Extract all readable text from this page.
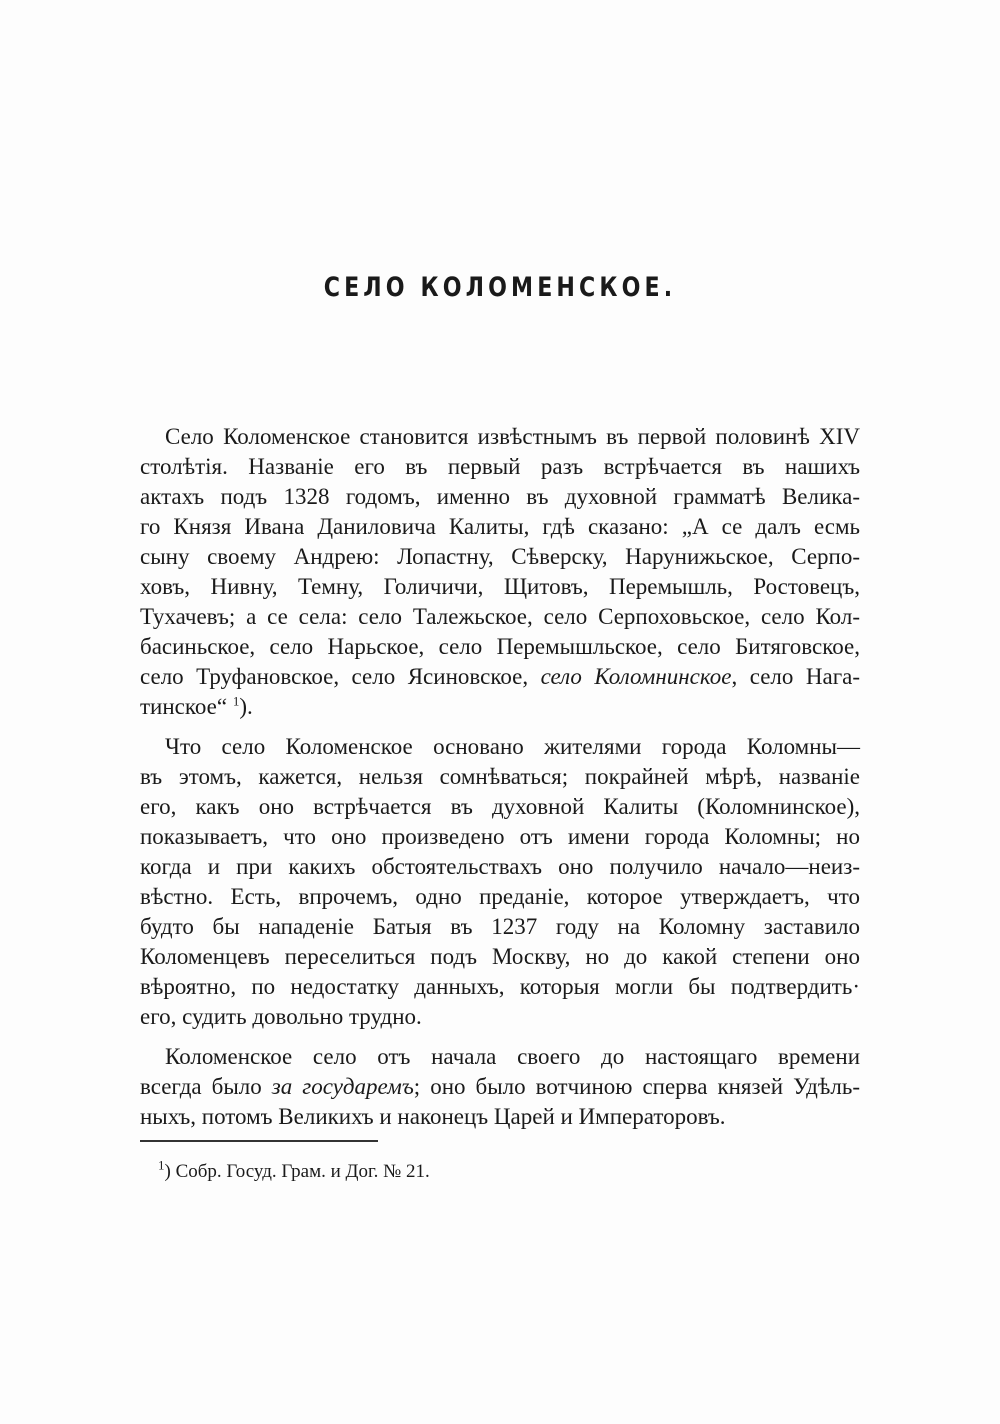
СЕЛО КОЛОМЕНСКОЕ.
Село Коломенское становится извѣстнымъ въ первой половинѣ XIV
столѣтія. Названіе его въ первый разъ встрѣчается въ нашихъ
актахъ подъ 1328 годомъ, именно въ духовной грамматѣ Велика-
го Князя Ивана Даниловича Калиты, гдѣ сказано: „А се далъ есмь
сыну своему Андрею: Лопастну, Сѣверску, Нарунижьское, Серпо-
ховъ, Нивну, Темну, Голичичи, Щитовъ, Перемышль, Ростовецъ,
Тухачевъ; а се села: село Талежьское, село Серпоховьское, село Кол-
басиньское, село Нарьское, село Перемышльское, село Битяговское,
село Труфановское, село Ясиновское, село Коломнинское, село Нага-
тинское“ $^1$).
Что село Коломенское основано жителями города Коломны—
въ этомъ, кажется, нельзя сомнѣваться; покрайней мѣрѣ, названіе
его, какъ оно встрѣчается въ духовной Калиты (Коломнинское),
показываетъ, что оно произведено отъ имени города Коломны; но
когда и при какихъ обстоятельствахъ оно получило начало—неиз-
вѣстно. Есть, впрочемъ, одно преданіе, которое утверждаетъ, что
будто бы нападеніе Батыя въ 1237 году на Коломну заставило
Коломенцевъ переселиться подъ Москву, но до какой степени оно
вѣроятно, по недостатку данныхъ, которыя могли бы подтвердить·
его, судить довольно трудно.
Коломенское село отъ начала своего до настоящаго времени
всегда было за государемъ; оно было вотчиною сперва князей Удѣль-
ныхъ, потомъ Великихъ и наконецъ Царей и Императоровъ.
$^1$) Собр. Госуд. Грам. и Дог. № 21.
